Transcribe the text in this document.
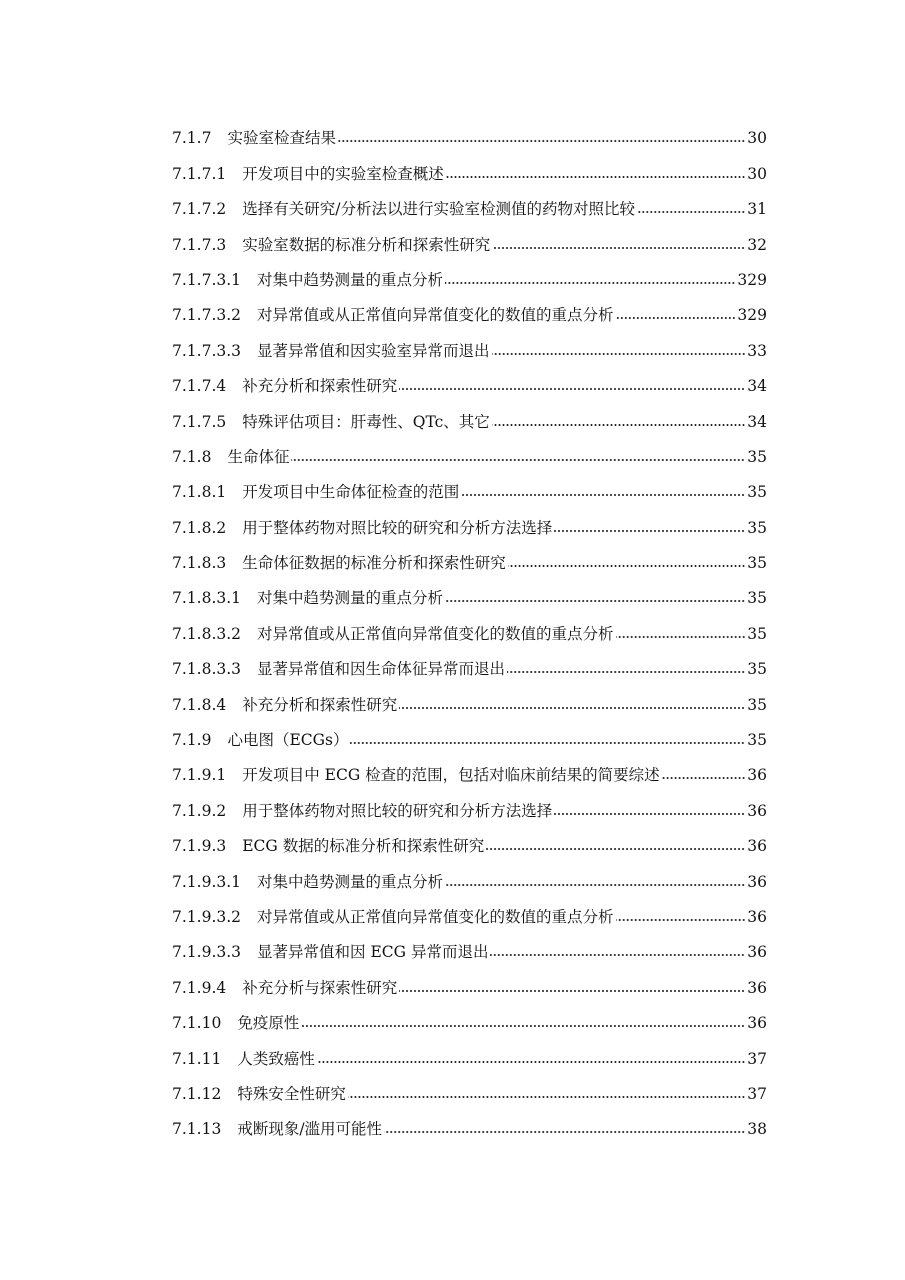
7.1.7 实验室检查结果	30
7.1.7.1 开发项目中的实验室检查概述	30
7.1.7.2 选择有关研究/分析法以进行实验室检测值的药物对照比较	31
7.1.7.3 实验室数据的标准分析和探索性研究	32
7.1.7.3.1 对集中趋势测量的重点分析	329
7.1.7.3.2 对异常值或从正常值向异常值变化的数值的重点分析	329
7.1.7.3.3 显著异常值和因实验室异常而退出	33
7.1.7.4 补充分析和探索性研究	34
7.1.7.5 特殊评估项目：肝毒性、QTc、其它	34
7.1.8 生命体征	35
7.1.8.1 开发项目中生命体征检查的范围	35
7.1.8.2 用于整体药物对照比较的研究和分析方法选择	35
7.1.8.3 生命体征数据的标准分析和探索性研究	35
7.1.8.3.1 对集中趋势测量的重点分析	35
7.1.8.3.2 对异常值或从正常值向异常值变化的数值的重点分析	35
7.1.8.3.3 显著异常值和因生命体征异常而退出	35
7.1.8.4 补充分析和探索性研究	35
7.1.9 心电图（ECGs）	35
7.1.9.1 开发项目中 ECG 检查的范围，包括对临床前结果的简要综述	36
7.1.9.2 用于整体药物对照比较的研究和分析方法选择	36
7.1.9.3 ECG 数据的标准分析和探索性研究	36
7.1.9.3.1 对集中趋势测量的重点分析	36
7.1.9.3.2 对异常值或从正常值向异常值变化的数值的重点分析	36
7.1.9.3.3 显著异常值和因 ECG 异常而退出	36
7.1.9.4 补充分析与探索性研究	36
7.1.10 免疫原性	36
7.1.11 人类致癌性	37
7.1.12 特殊安全性研究	37
7.1.13 戒断现象/滥用可能性	38
